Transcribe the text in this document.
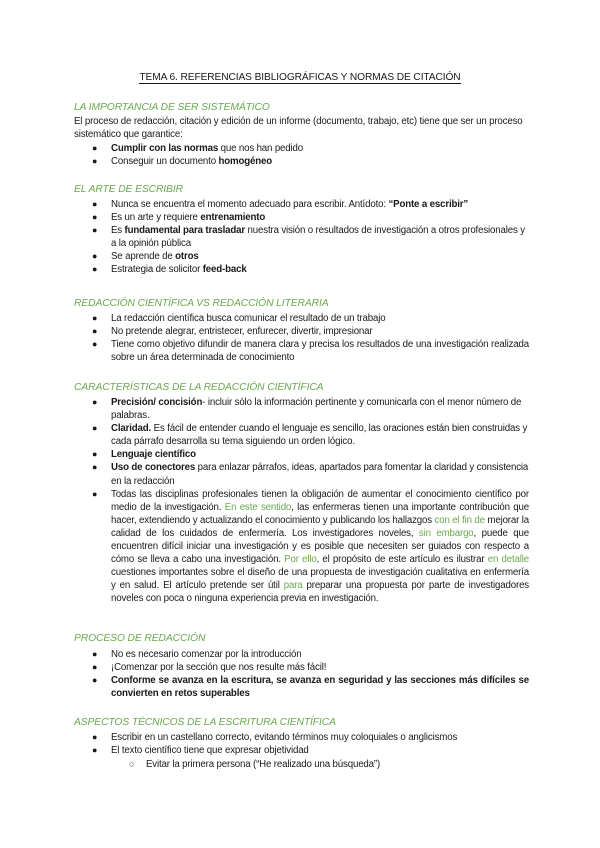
TEMA 6. REFERENCIAS BIBLIOGRÁFICAS Y NORMAS DE CITACIÓN
LA IMPORTANCIA DE SER SISTEMÁTICO
El proceso de redacción, citación y edición de un informe (documento, trabajo, etc) tiene que ser un proceso sistemático que garantice:
● Cumplir con las normas que nos han pedido
● Conseguir un documento homogéneo
EL ARTE DE ESCRIBIR
● Nunca se encuentra el momento adecuado para escribir. Antídoto: “Ponte a escribir”
● Es un arte y requiere entrenamiento
● Es fundamental para trasladar nuestra visión o resultados de investigación a otros profesionales y a la opinión pública
● Se aprende de otros
● Estrategia de solicitor feed-back
REDACCIÓN CIENTÍFICA VS REDACCIÓN LITERARIA
● La redacción científica busca comunicar el resultado de un trabajo
● No pretende alegrar, entristecer, enfurecer, divertir, impresionar
● Tiene como objetivo difundir de manera clara y precisa los resultados de una investigación realizada sobre un área determinada de conocimiento
CARACTERÍSTICAS DE LA REDACCIÓN CIENTÍFICA
● Precisión/ concisión- incluir sólo la información pertinente y comunicarla con el menor número de palabras.
● Claridad. Es fácil de entender cuando el lenguaje es sencillo, las oraciones están bien construidas y cada párrafo desarrolla su tema siguiendo un orden lógico.
● Lenguaje científico
● Uso de conectores para enlazar párrafos, ideas, apartados para fomentar la claridad y consistencia en la redacción
● Todas las disciplinas profesionales tienen la obligación de aumentar el conocimiento científico por medio de la investigación. En este sentido, las enfermeras tienen una importante contribución que hacer, extendiendo y actualizando el conocimiento y publicando los hallazgos con el fin de mejorar la calidad de los cuidados de enfermería. Los investigadores noveles, sin embargo, puede que encuentren difícil iniciar una investigación y es posible que necesiten ser guiados con respecto a cómo se lleva a cabo una investigación. Por ello, el propósito de este artículo es ilustrar en detalle cuestiones importantes sobre el diseño de una propuesta de investigación cualitativa en enfermería y en salud. El artículo pretende ser útil para preparar una propuesta por parte de investigadores noveles con poca o ninguna experiencia previa en investigación.
PROCESO DE REDACCIÓN
● No es necesario comenzar por la introducción
● ¡Comenzar por la sección que nos resulte más fácil!
● Conforme se avanza en la escritura, se avanza en seguridad y las secciones más difíciles se convierten en retos superables
ASPECTOS TÉCNICOS DE LA ESCRITURA CIENTÍFICA
● Escribir en un castellano correcto, evitando términos muy coloquiales o anglicismos
● El texto científico tiene que expresar objetividad
○ Evitar la primera persona (“He realizado una búsqueda”)
